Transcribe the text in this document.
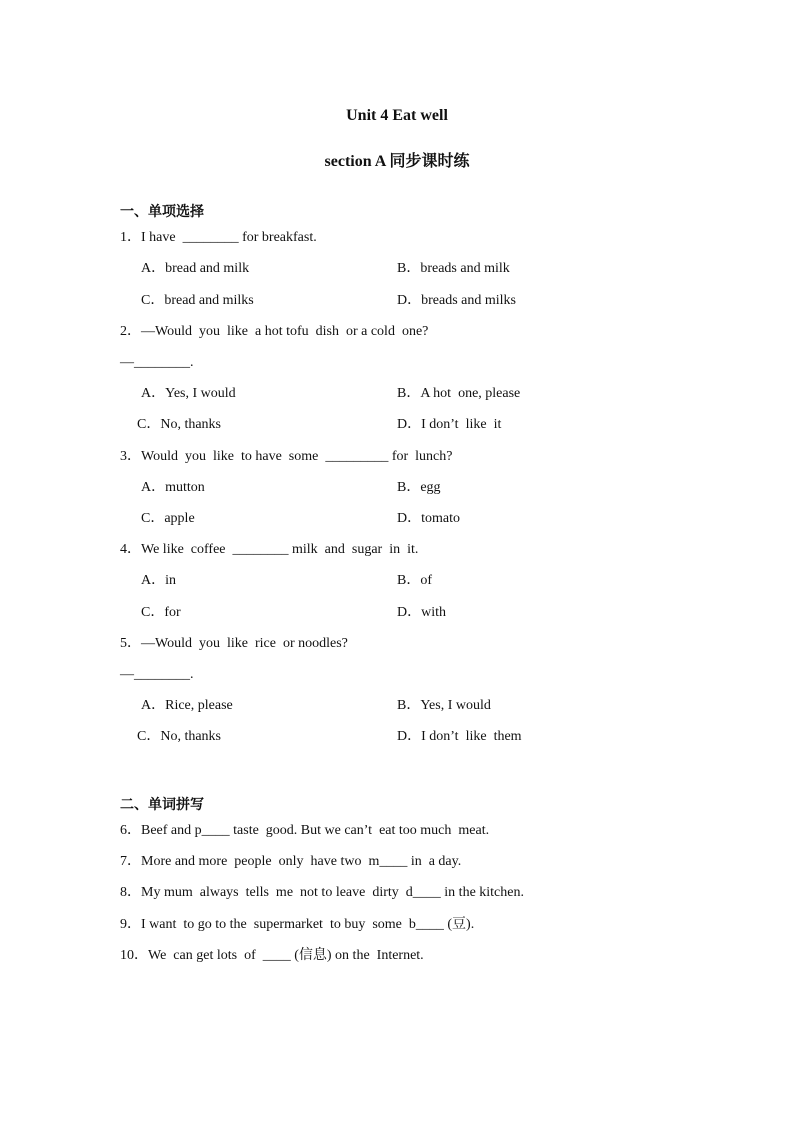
Unit 4 Eat well
section A 同步课时练
一、单项选择
1．I have  ________ for breakfast.
A．bread and milk	B．breads and milk
C．bread and milks	D．breads and milks
2．—Would  you  like  a hot tofu  dish  or a cold  one?
—________.
A．Yes, I would	B．A hot  one, please
C．No, thanks	D．I don’t  like  it
3．Would  you  like  to have  some  _________ for  lunch?
A．mutton	B．egg
C．apple	D．tomato
4．We like  coffee  ________ milk  and  sugar  in  it.
A．in	B．of
C．for	D．with
5．—Would  you  like  rice  or noodles?
—________.
A．Rice, please	B．Yes, I would
C．No, thanks	D．I don’t  like  them
二、单词拼写
6．Beef and p____ taste  good. But we can’t  eat too much  meat.
7．More and more  people  only  have two  m____ in  a day.
8．My mum  always  tells  me  not to leave  dirty  d____ in the kitchen.
9．I want  to go to the  supermarket  to buy  some  b____ (豆).
10．We  can get lots  of  ____ (信息) on the  Internet.
